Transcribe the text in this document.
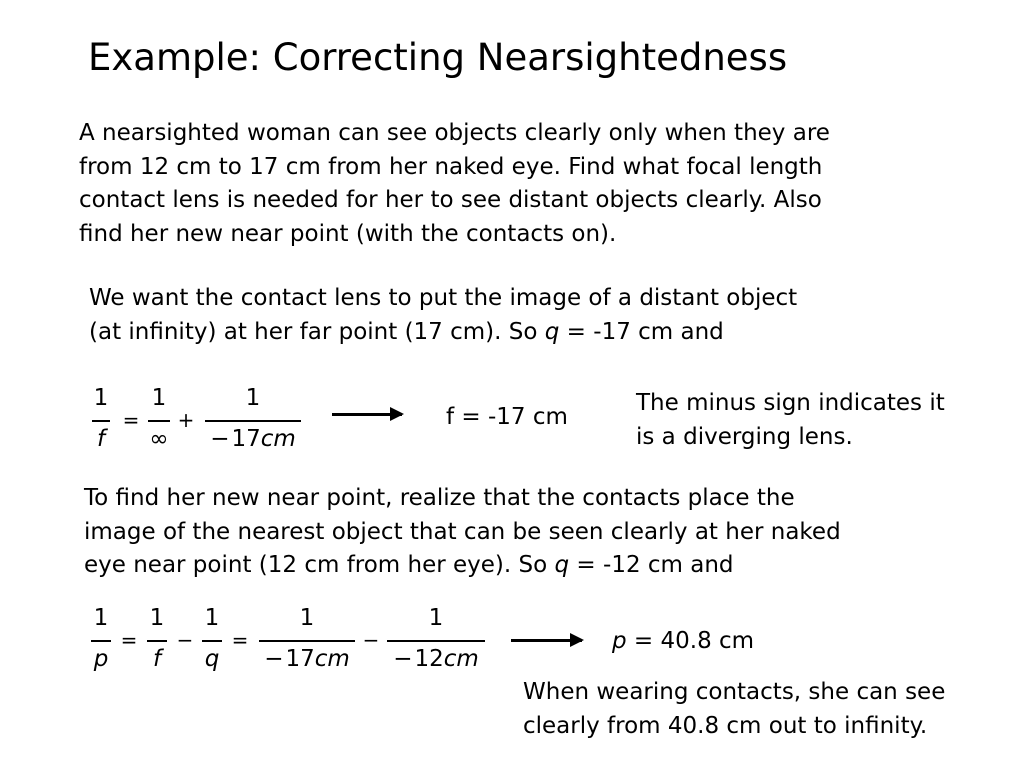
Example: Correcting Nearsightedness
A nearsighted woman can see objects clearly only when they are
from 12 cm to 17 cm from her naked eye. Find what focal length
contact lens is needed for her to see distant objects clearly. Also
find her new near point (with the contacts on).
We want the contact lens to put the image of a distant object
(at infinity) at her far point (17 cm). So q = -17 cm and
1
f
=
1
∞
+
1
−17cm
f = -17 cm
The minus sign indicates it
is a diverging lens.
To find her new near point, realize that the contacts place the
image of the nearest object that can be seen clearly at her naked
eye near point (12 cm from her eye). So q = -12 cm and
1
p
=
1
f
−
1
q
=
1
−17cm
−
1
−12cm
p = 40.8 cm
When wearing contacts, she can see
clearly from 40.8 cm out to infinity.
